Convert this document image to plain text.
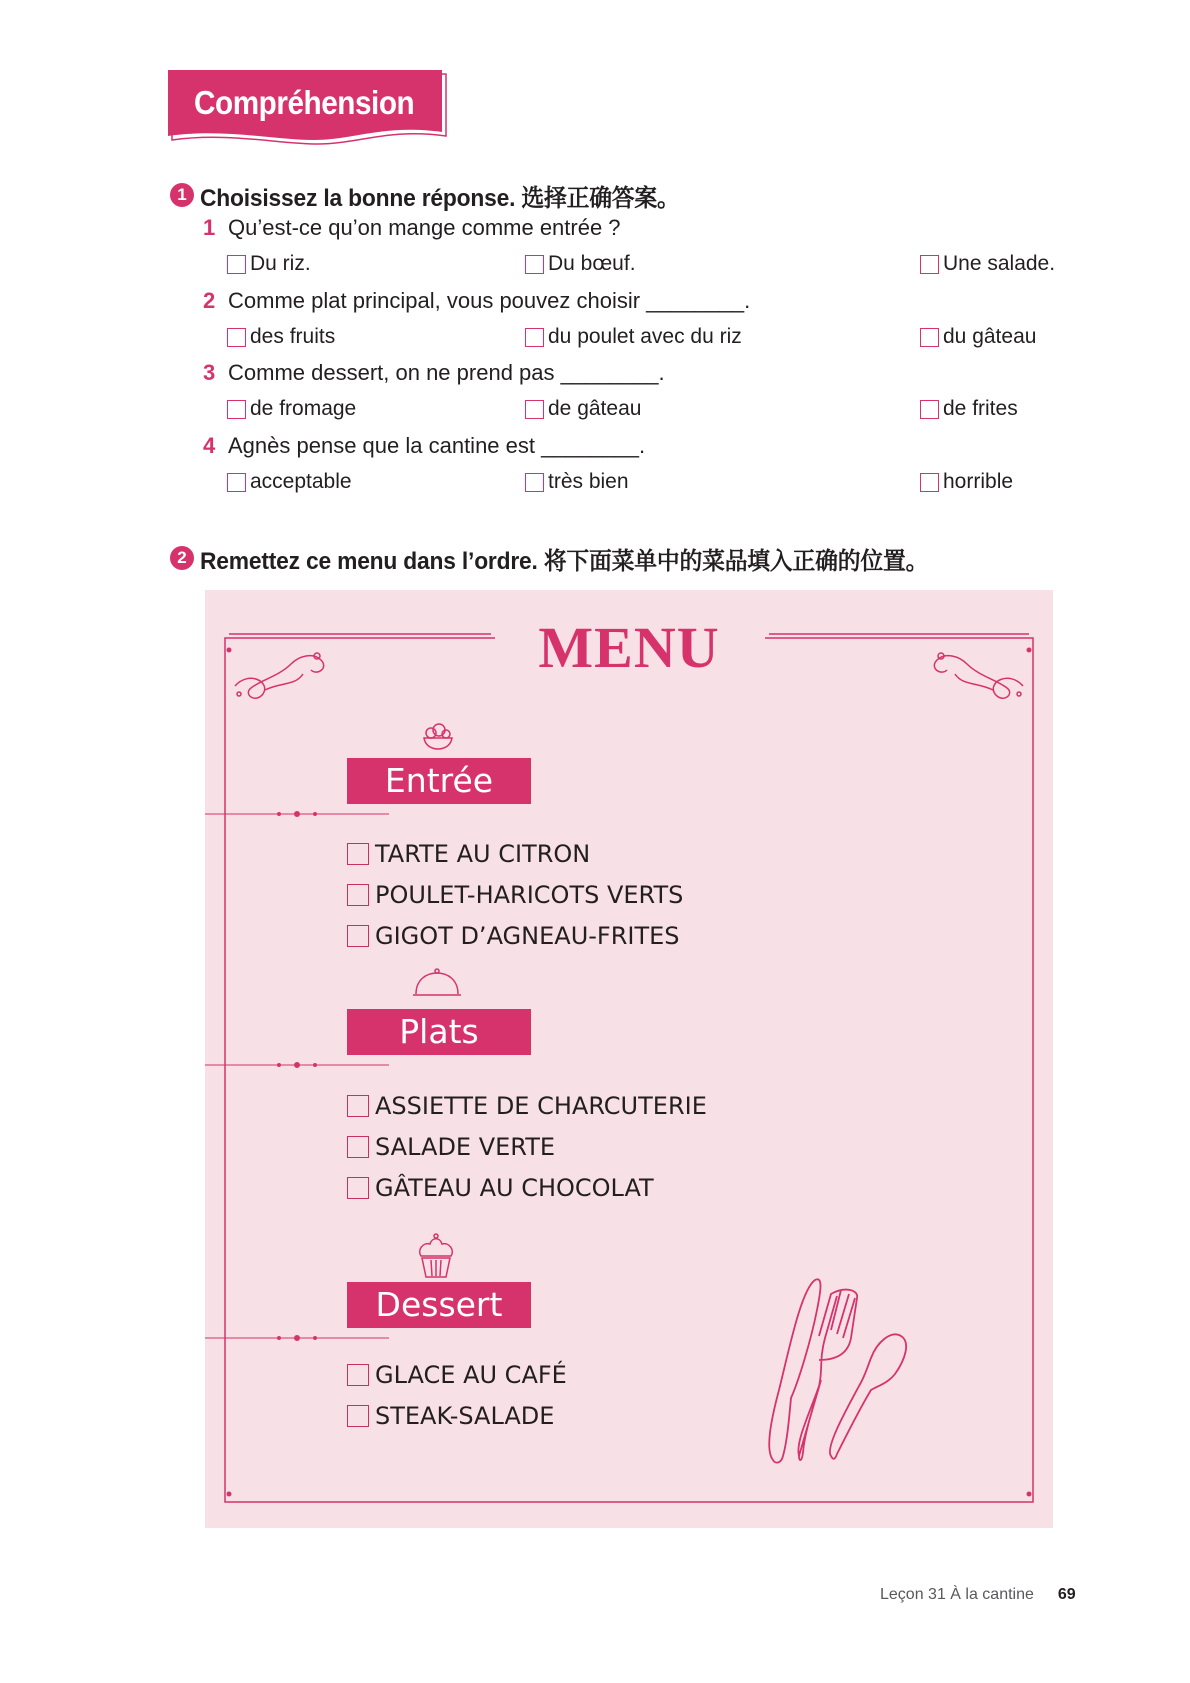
Compréhension
1 Choisissez la bonne réponse. 选择正确答案。
1 Qu’est-ce qu’on mange comme entrée ?
Du riz.	Du bœuf.	Une salade.
2 Comme plat principal, vous pouvez choisir ________.
des fruits	du poulet avec du riz	du gâteau
3 Comme dessert, on ne prend pas ________.
de fromage	de gâteau	de frites
4 Agnès pense que la cantine est ________.
acceptable	très bien	horrible
2 Remettez ce menu dans l’ordre. 将下面菜单中的菜品填入正确的位置。
MENU
Entrée
TARTE AU CITRON
POULET-HARICOTS VERTS
GIGOT D’AGNEAU-FRITES
Plats
ASSIETTE DE CHARCUTERIE
SALADE VERTE
GÂTEAU AU CHOCOLAT
Dessert
GLACE AU CAFÉ
STEAK-SALADE
Leçon 31 À la cantine 69
